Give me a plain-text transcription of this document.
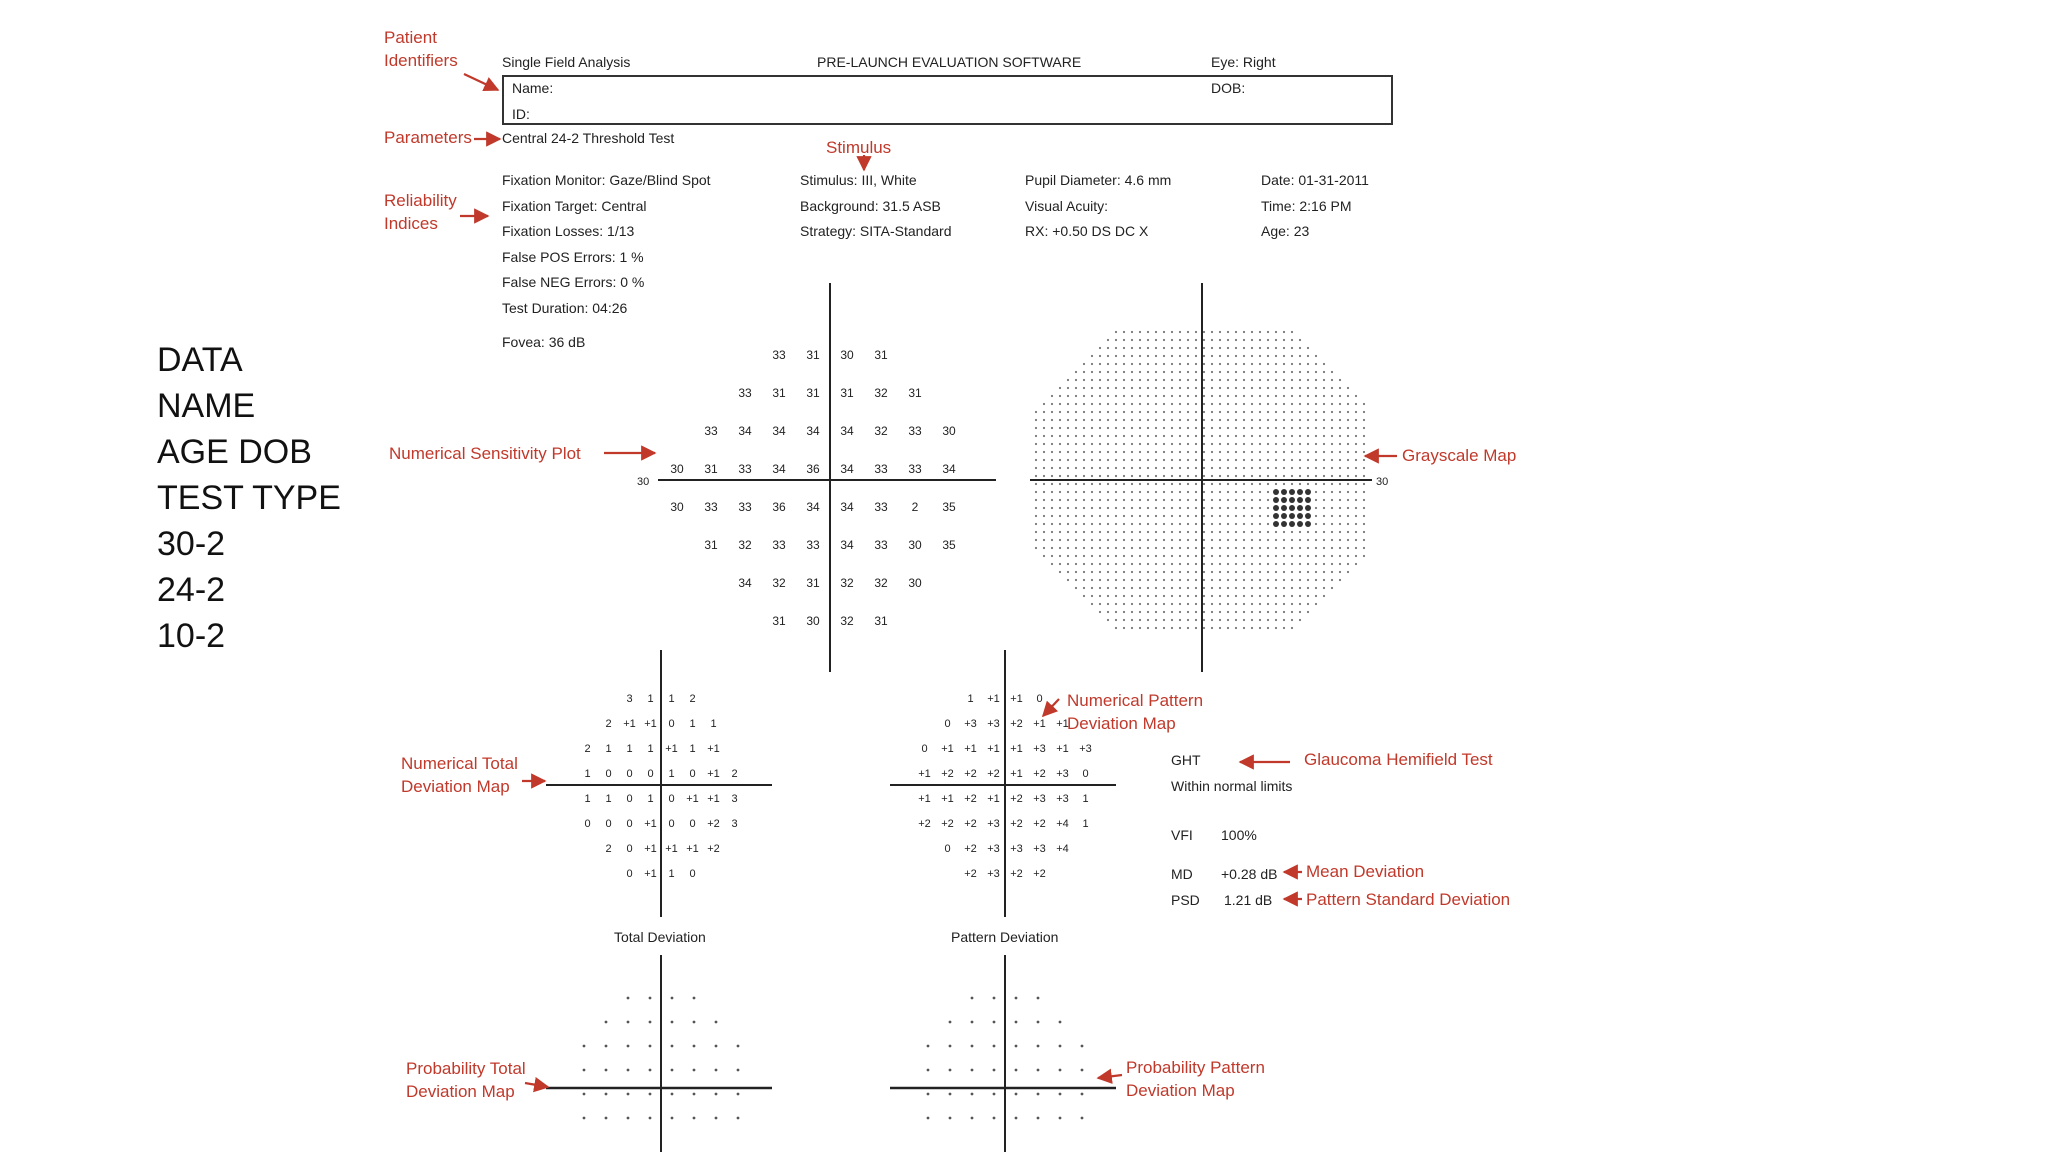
DATA
NAME
AGE DOB
TEST TYPE
30-2
24-2
10-2
Single Field Analysis	PRE-LAUNCH EVALUATION SOFTWARE	Eye: Right
Name:
ID:
DOB:
Central 24-2 Threshold Test
Fixation Monitor: Gaze/Blind Spot
Fixation Target: Central
Fixation Losses: 1/13
False POS Errors: 1 %
False NEG Errors: 0 %
Test Duration: 04:26
Fovea: 36 dB
Stimulus: III, White
Background: 31.5 ASB
Strategy: SITA-Standard
Pupil Diameter: 4.6 mm
Visual Acuity:
RX: +0.50 DS DC X
Date: 01-31-2011
Time: 2:16 PM
Age: 23
Patient
Identifiers
Parameters
Stimulus
Reliability
Indices
Numerical Sensitivity Plot	Grayscale Map
Numerical Total
Deviation Map
Numerical Pattern
Deviation Map
Glaucoma Hemifield Test
Mean Deviation
Pattern Standard Deviation
Probability Total
Deviation Map
Probability Pattern
Deviation Map
GHT
Within normal limits
VFI 100%
MD +0.28 dB
PSD 1.21 dB
Total Deviation	Pattern Deviation
30	30
33 31 30 31
33 31 31 31 32 31
33 34 34 34 34 32 33 30
30 31 33 34 36 34 33 33 34
30 33 33 36 34 34 33 2 35
31 32 33 33 34 33 30 35
34 32 31 32 32 30
31 30 32 31
3 1 1 2
2 +1 +1 0 1 1
2 1 1 1 +1 1 +1
1 0 0 0 1 0 +1 2
1 1 0 1 0 +1 +1 3
0 0 0 +1 0 0 +2 3
2 0 +1 +1 +1 +2
0 +1 1 0
1 +1 +1 0
0 +3 +3 +2 +1 +1
0 +1 +1 +1 +1 +3 +1 +3
+1 +2 +2 +2 +1 +2 +3 0
+1 +1 +2 +1 +2 +3 +3 1
+2 +2 +2 +3 +2 +2 +4 1
0 +2 +3 +3 +3 +4
+2 +3 +2 +2
